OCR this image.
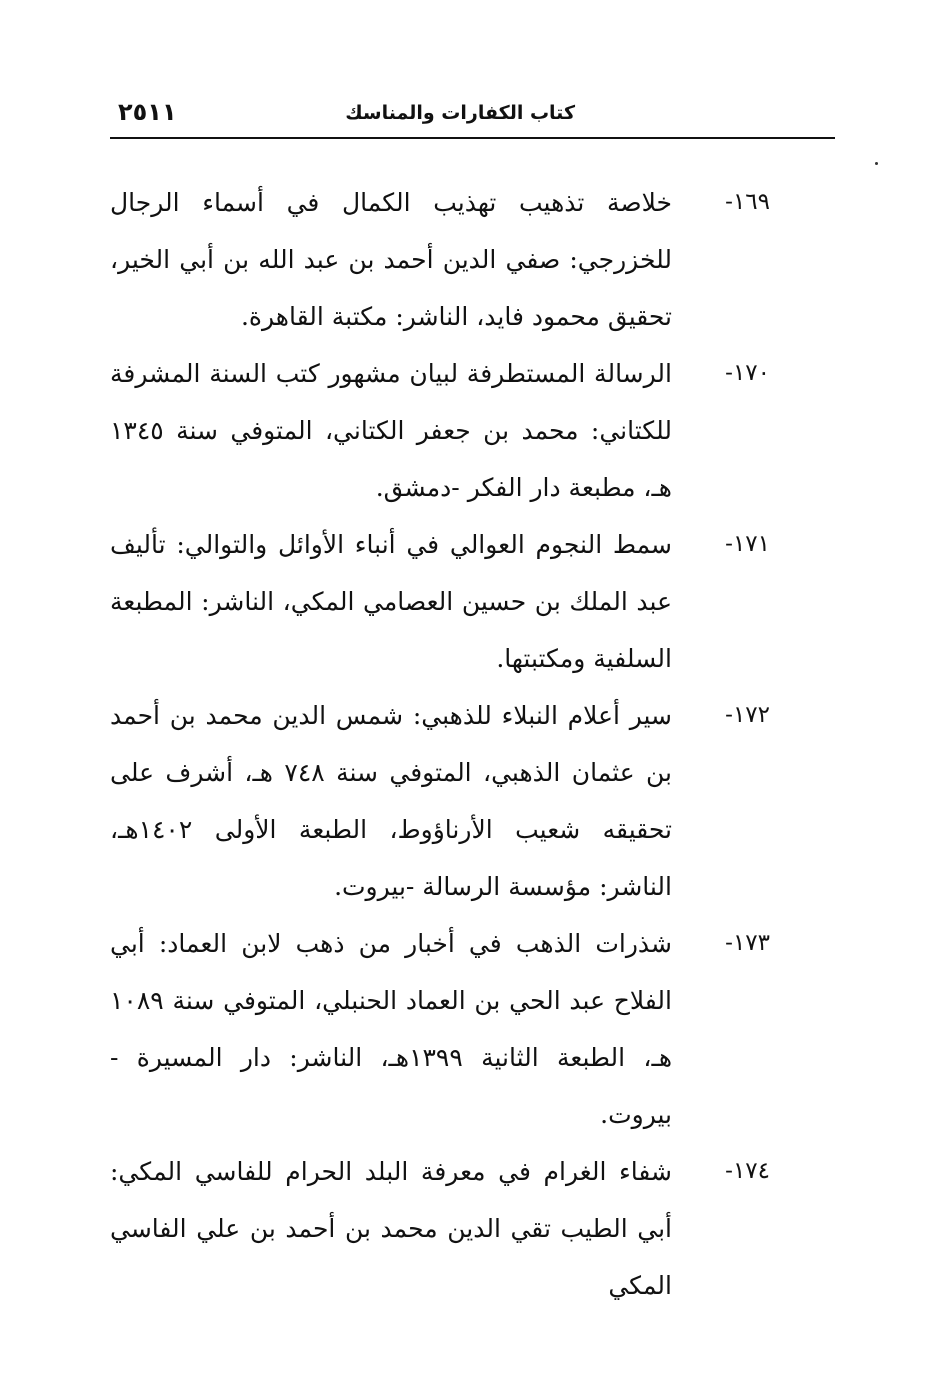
كتاب الكفارات والمناسك
٢٥١١
١٦٩-
خلاصة تذهيب تهذيب الكمال في أسماء الرجال للخزرجي: صفي الدين أحمد بن عبد الله بن أبي الخير، تحقيق محمود فايد، الناشر: مكتبة القاهرة.
١٧٠-
الرسالة المستطرفة لبيان مشهور كتب السنة المشرفة للكتاني: محمد بن جعفر الكتاني، المتوفي سنة ١٣٤٥ هـ، مطبعة دار الفكر -دمشق.
١٧١-
سمط النجوم العوالي في أنباء الأوائل والتوالي: تأليف عبد الملك بن حسين العصامي المكي، الناشر: المطبعة السلفية ومكتبتها.
١٧٢-
سير أعلام النبلاء للذهبي: شمس الدين محمد بن أحمد بن عثمان الذهبي، المتوفي سنة ٧٤٨ هـ، أشرف على تحقيقه شعيب الأرناؤوط، الطبعة الأولى ١٤٠٢هـ، الناشر: مؤسسة الرسالة -بيروت.
١٧٣-
شذرات الذهب في أخبار من ذهب لابن العماد: أبي الفلاح عبد الحي بن العماد الحنبلي، المتوفي سنة ١٠٨٩ هـ، الطبعة الثانية ١٣٩٩هـ، الناشر: دار المسيرة - بيروت.
١٧٤-
شفاء الغرام في معرفة البلد الحرام للفاسي المكي: أبي الطيب تقي الدين محمد بن أحمد بن علي الفاسي المكي
